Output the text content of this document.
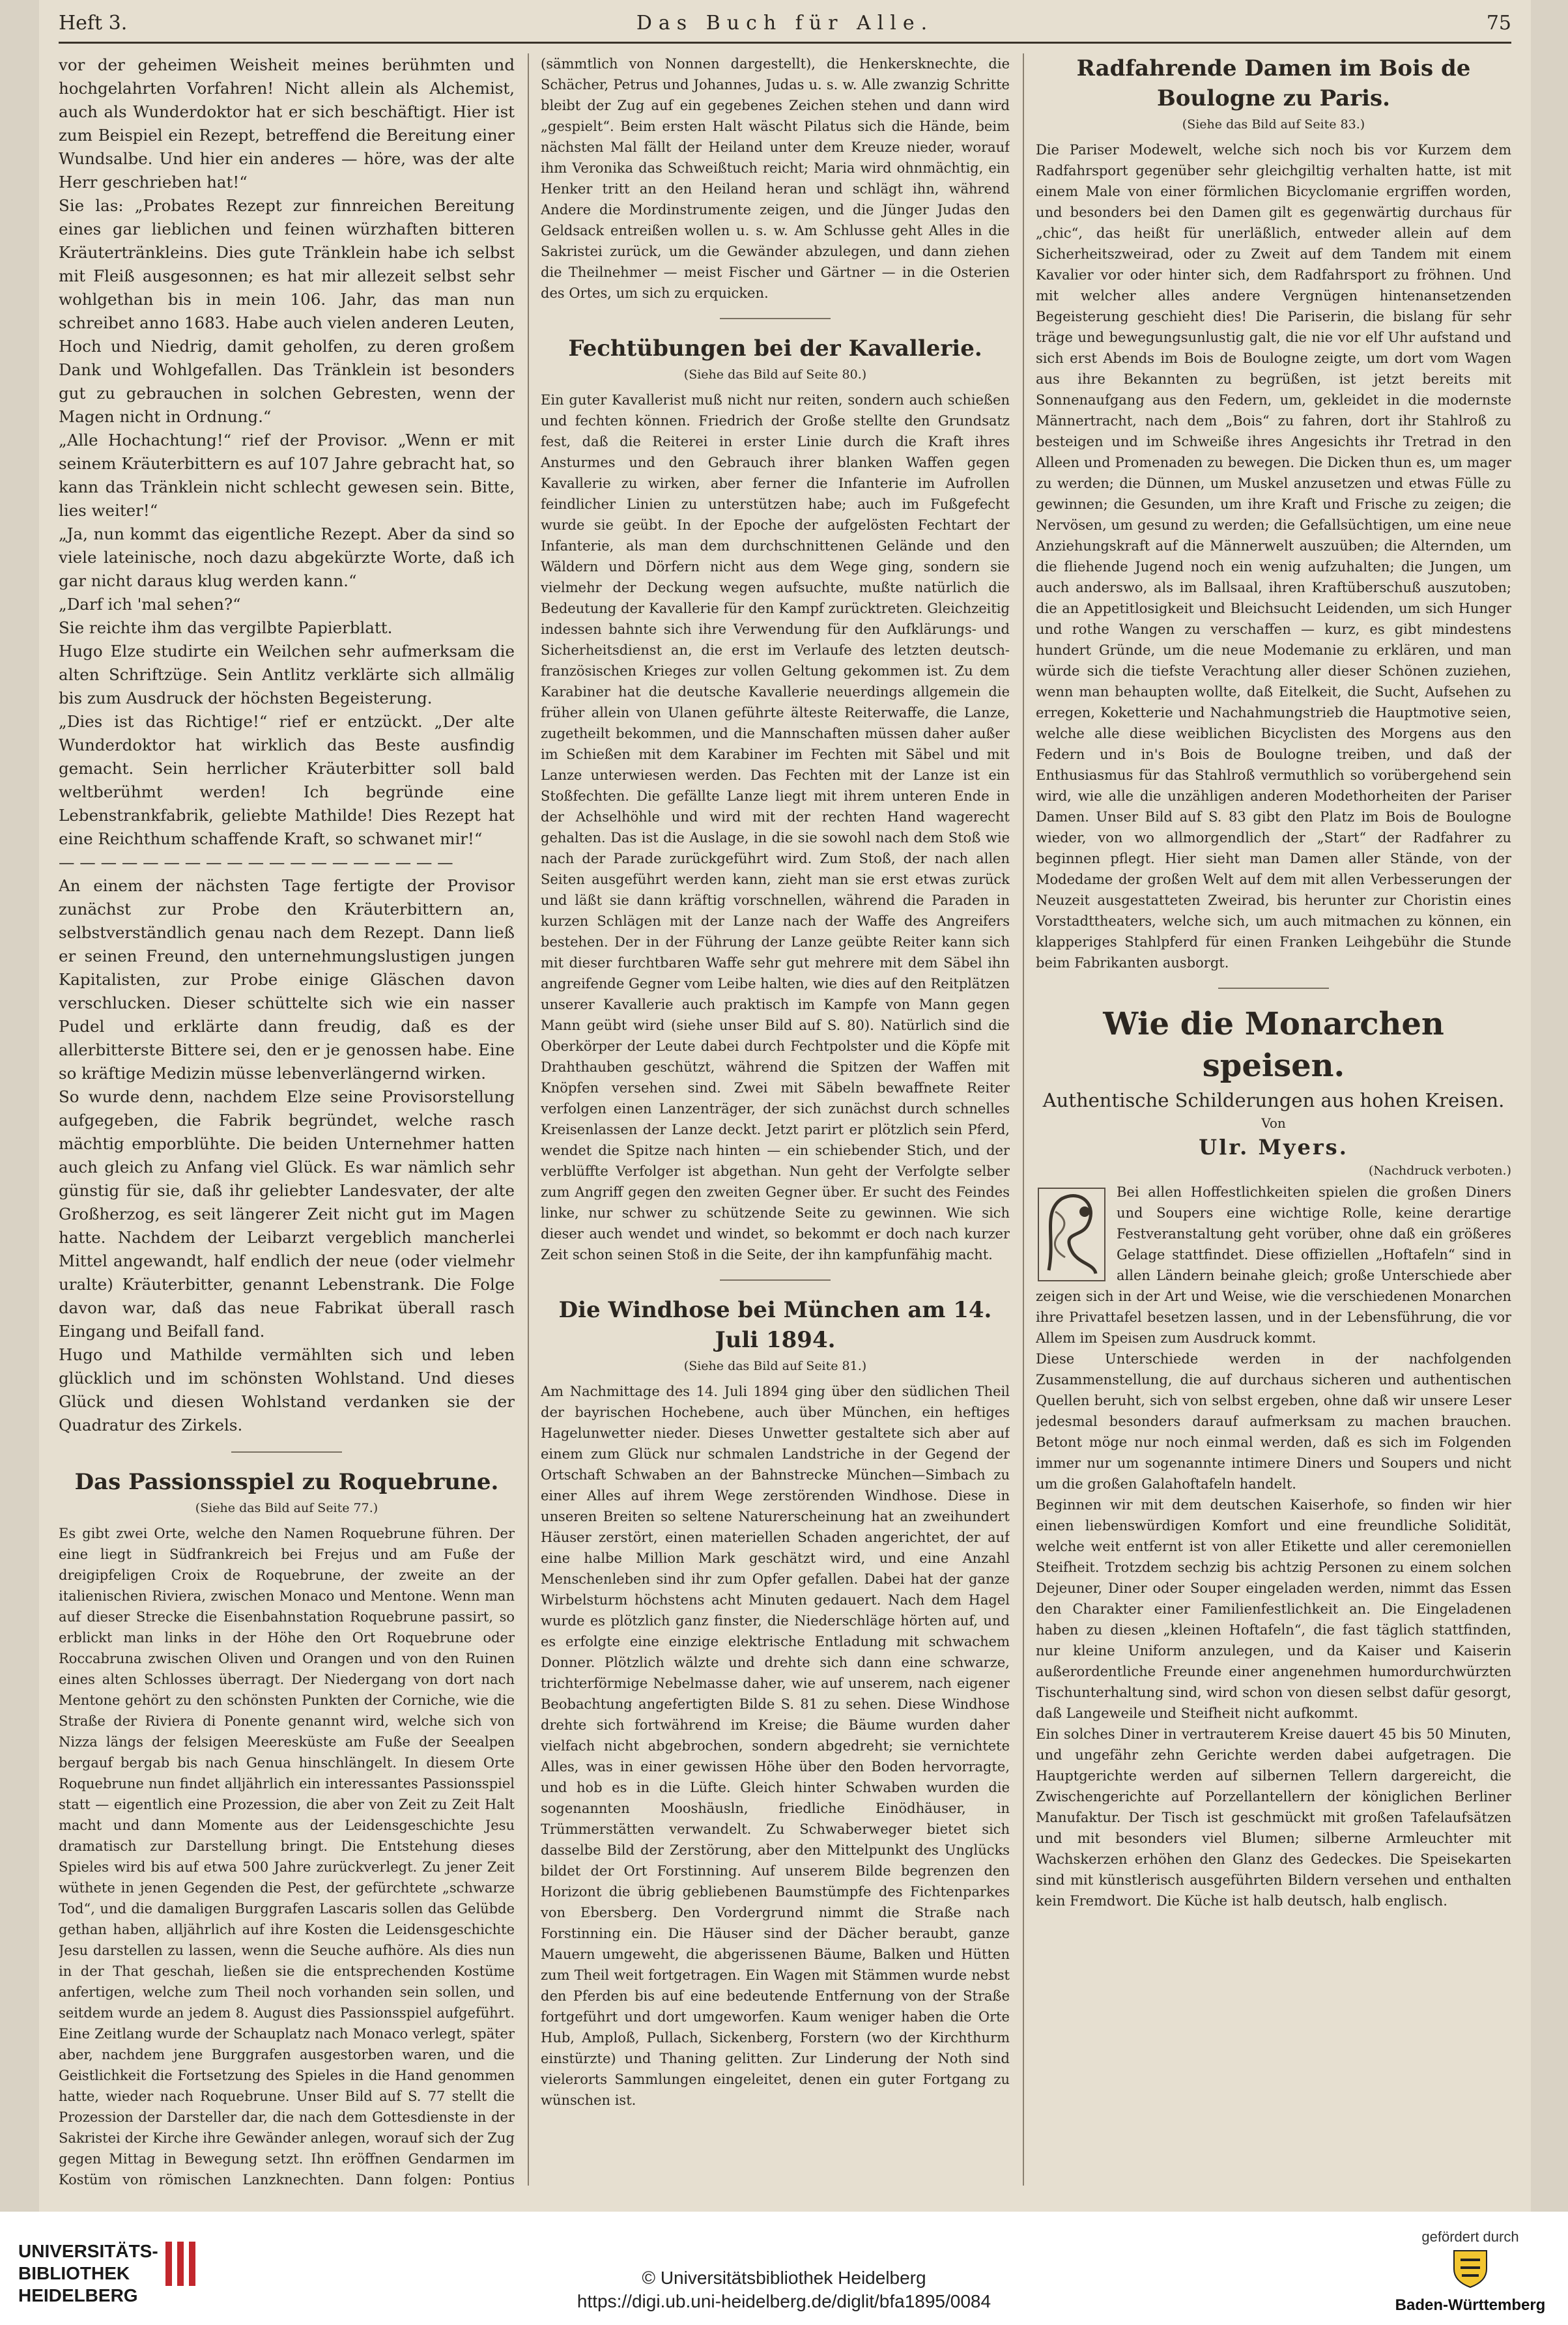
Heft 3.	Das Buch für Alle.	75

vor der geheimen Weisheit meines berühmten und hochgelahrten Vorfahren! Nicht allein als Alchemist, auch als Wunderdoktor hat er sich beschäftigt. Hier ist zum Beispiel ein Rezept, betreffend die Bereitung einer Wundsalbe. Und hier ein anderes — höre, was der alte Herr geschrieben hat!“
Sie las: „Probates Rezept zur finnreichen Bereitung eines gar lieblichen und feinen würzhaften bitteren Kräutertränkleins. Dies gute Tränklein habe ich selbst mit Fleiß ausgesonnen; es hat mir allezeit selbst sehr wohlgethan bis in mein 106. Jahr, das man nun schreibet anno 1683. Habe auch vielen anderen Leuten, Hoch und Niedrig, damit geholfen, zu deren großem Dank und Wohlgefallen. Das Tränklein ist besonders gut zu gebrauchen in solchen Gebresten, wenn der Magen nicht in Ordnung.“
„Alle Hochachtung!“ rief der Provisor. „Wenn er mit seinem Kräuterbittern es auf 107 Jahre gebracht hat, so kann das Tränklein nicht schlecht gewesen sein. Bitte, lies weiter!“
„Ja, nun kommt das eigentliche Rezept. Aber da sind so viele lateinische, noch dazu abgekürzte Worte, daß ich gar nicht daraus klug werden kann.“
„Darf ich 'mal sehen?“
Sie reichte ihm das vergilbte Papierblatt.
Hugo Elze studirte ein Weilchen sehr aufmerksam die alten Schriftzüge. Sein Antlitz verklärte sich allmälig bis zum Ausdruck der höchsten Begeisterung.
„Dies ist das Richtige!“ rief er entzückt. „Der alte Wunderdoktor hat wirklich das Beste ausfindig gemacht. Sein herrlicher Kräuterbitter soll bald weltberühmt werden! Ich begründe eine Lebenstrankfabrik, geliebte Mathilde! Dies Rezept hat eine Reichthum schaffende Kraft, so schwanet mir!“
— — — — — — — — — — — — — — — — — — —
An einem der nächsten Tage fertigte der Provisor zunächst zur Probe den Kräuterbittern an, selbstverständlich genau nach dem Rezept. Dann ließ er seinen Freund, den unternehmungslustigen jungen Kapitalisten, zur Probe einige Gläschen davon verschlucken. Dieser schüttelte sich wie ein nasser Pudel und erklärte dann freudig, daß es der allerbitterste Bittere sei, den er je genossen habe. Eine so kräftige Medizin müsse lebenverlängernd wirken.
So wurde denn, nachdem Elze seine Provisorstellung aufgegeben, die Fabrik begründet, welche rasch mächtig emporblühte. Die beiden Unternehmer hatten auch gleich zu Anfang viel Glück. Es war nämlich sehr günstig für sie, daß ihr geliebter Landesvater, der alte Großherzog, es seit längerer Zeit nicht gut im Magen hatte. Nachdem der Leibarzt vergeblich mancherlei Mittel angewandt, half endlich der neue (oder vielmehr uralte) Kräuterbitter, genannt Lebenstrank. Die Folge davon war, daß das neue Fabrikat überall rasch Eingang und Beifall fand.
Hugo und Mathilde vermählten sich und leben glücklich und im schönsten Wohlstand. Und dieses Glück und diesen Wohlstand verdanken sie der Quadratur des Zirkels.

Das Passionsspiel zu Roquebrune.

(Siehe das Bild auf Seite 77.)

Es gibt zwei Orte, welche den Namen Roquebrune führen. Der eine liegt in Südfrankreich bei Frejus und am Fuße der dreigipfeligen Croix de Roquebrune, der zweite an der italienischen Riviera, zwischen Monaco und Mentone. Wenn man auf dieser Strecke die Eisenbahnstation Roquebrune passirt, so erblickt man links in der Höhe den Ort Roquebrune oder Roccabruna zwischen Oliven und Orangen und von den Ruinen eines alten Schlosses überragt. Der Niedergang von dort nach Mentone gehört zu den schönsten Punkten der Corniche, wie die Straße der Riviera di Ponente genannt wird, welche sich von Nizza längs der felsigen Meeresküste am Fuße der Seealpen bergauf bergab bis nach Genua hinschlängelt. In diesem Orte Roquebrune nun findet alljährlich ein interessantes Passionsspiel statt — eigentlich eine Prozession, die aber von Zeit zu Zeit Halt macht und dann Momente aus der Leidensgeschichte Jesu dramatisch zur Darstellung bringt. Die Entstehung dieses Spieles wird bis auf etwa 500 Jahre zurückverlegt. Zu jener Zeit wüthete in jenen Gegenden die Pest, der gefürchtete „schwarze Tod“, und die damaligen Burggrafen Lascaris sollen das Gelübde gethan haben, alljährlich auf ihre Kosten die Leidensgeschichte Jesu darstellen zu lassen, wenn die Seuche aufhöre. Als dies nun in der That geschah, ließen sie die entsprechenden Kostüme anfertigen, welche zum Theil noch vorhanden sein sollen, und seitdem wurde an jedem 8. August dies Passionsspiel aufgeführt. Eine Zeitlang wurde der Schauplatz nach Monaco verlegt, später aber, nachdem jene Burggrafen ausgestorben waren, und die Geistlichkeit die Fortsetzung des Spieles in die Hand genommen hatte, wieder nach Roquebrune. Unser Bild auf S. 77 stellt die Prozession der Darsteller dar, die nach dem Gottesdienste in der Sakristei der Kirche ihre Gewänder anlegen, worauf sich der Zug gegen Mittag in Bewegung setzt. Ihn eröffnen Gendarmen im Kostüm von römischen Lanzknechten. Dann folgen: Pontius

(sämmtlich von Nonnen dargestellt), die Henkersknechte, die Schächer, Petrus und Johannes, Judas u. s. w. Alle zwanzig Schritte bleibt der Zug auf ein gegebenes Zeichen stehen und dann wird „gespielt“. Beim ersten Halt wäscht Pilatus sich die Hände, beim nächsten Mal fällt der Heiland unter dem Kreuze nieder, worauf ihm Veronika das Schweißtuch reicht; Maria wird ohnmächtig, ein Henker tritt an den Heiland heran und schlägt ihn, während Andere die Mordinstrumente zeigen, und die Jünger Judas den Geldsack entreißen wollen u. s. w. Am Schlusse geht Alles in die Sakristei zurück, um die Gewänder abzulegen, und dann ziehen die Theilnehmer — meist Fischer und Gärtner — in die Osterien des Ortes, um sich zu erquicken.

Fechtübungen bei der Kavallerie.

(Siehe das Bild auf Seite 80.)

Ein guter Kavallerist muß nicht nur reiten, sondern auch schießen und fechten können. Friedrich der Große stellte den Grundsatz fest, daß die Reiterei in erster Linie durch die Kraft ihres Ansturmes und den Gebrauch ihrer blanken Waffen gegen Kavallerie zu wirken, aber ferner die Infanterie im Aufrollen feindlicher Linien zu unterstützen habe; auch im Fußgefecht wurde sie geübt. In der Epoche der aufgelösten Fechtart der Infanterie, als man dem durchschnittenen Gelände und den Wäldern und Dörfern nicht aus dem Wege ging, sondern sie vielmehr der Deckung wegen aufsuchte, mußte natürlich die Bedeutung der Kavallerie für den Kampf zurücktreten. Gleichzeitig indessen bahnte sich ihre Verwendung für den Aufklärungs- und Sicherheitsdienst an, die erst im Verlaufe des letzten deutsch-französischen Krieges zur vollen Geltung gekommen ist. Zu dem Karabiner hat die deutsche Kavallerie neuerdings allgemein die früher allein von Ulanen geführte älteste Reiterwaffe, die Lanze, zugetheilt bekommen, und die Mannschaften müssen daher außer im Schießen mit dem Karabiner im Fechten mit Säbel und mit Lanze unterwiesen werden. Das Fechten mit der Lanze ist ein Stoßfechten. Die gefällte Lanze liegt mit ihrem unteren Ende in der Achselhöhle und wird mit der rechten Hand wagerecht gehalten. Das ist die Auslage, in die sie sowohl nach dem Stoß wie nach der Parade zurückgeführt wird. Zum Stoß, der nach allen Seiten ausgeführt werden kann, zieht man sie erst etwas zurück und läßt sie dann kräftig vorschnellen, während die Paraden in kurzen Schlägen mit der Lanze nach der Waffe des Angreifers bestehen. Der in der Führung der Lanze geübte Reiter kann sich mit dieser furchtbaren Waffe sehr gut mehrere mit dem Säbel ihn angreifende Gegner vom Leibe halten, wie dies auf den Reitplätzen unserer Kavallerie auch praktisch im Kampfe von Mann gegen Mann geübt wird (siehe unser Bild auf S. 80). Natürlich sind die Oberkörper der Leute dabei durch Fechtpolster und die Köpfe mit Drahthauben geschützt, während die Spitzen der Waffen mit Knöpfen versehen sind. Zwei mit Säbeln bewaffnete Reiter verfolgen einen Lanzenträger, der sich zunächst durch schnelles Kreisenlassen der Lanze deckt. Jetzt parirt er plötzlich sein Pferd, wendet die Spitze nach hinten — ein schiebender Stich, und der verblüffte Verfolger ist abgethan. Nun geht der Verfolgte selber zum Angriff gegen den zweiten Gegner über. Er sucht des Feindes linke, nur schwer zu schützende Seite zu gewinnen. Wie sich dieser auch wendet und windet, so bekommt er doch nach kurzer Zeit schon seinen Stoß in die Seite, der ihn kampfunfähig macht.

Die Windhose bei München am 14. Juli 1894.

(Siehe das Bild auf Seite 81.)

Am Nachmittage des 14. Juli 1894 ging über den südlichen Theil der bayrischen Hochebene, auch über München, ein heftiges Hagelunwetter nieder. Dieses Unwetter gestaltete sich aber auf einem zum Glück nur schmalen Landstriche in der Gegend der Ortschaft Schwaben an der Bahnstrecke München—Simbach zu einer Alles auf ihrem Wege zerstörenden Windhose. Diese in unseren Breiten so seltene Naturerscheinung hat an zweihundert Häuser zerstört, einen materiellen Schaden angerichtet, der auf eine halbe Million Mark geschätzt wird, und eine Anzahl Menschenleben sind ihr zum Opfer gefallen. Dabei hat der ganze Wirbelsturm höchstens acht Minuten gedauert. Nach dem Hagel wurde es plötzlich ganz finster, die Niederschläge hörten auf, und es erfolgte eine einzige elektrische Entladung mit schwachem Donner. Plötzlich wälzte und drehte sich dann eine schwarze, trichterförmige Nebelmasse daher, wie auf unserem, nach eigener Beobachtung angefertigten Bilde S. 81 zu sehen. Diese Windhose drehte sich fortwährend im Kreise; die Bäume wurden daher vielfach nicht abgebrochen, sondern abgedreht; sie vernichtete Alles, was in einer gewissen Höhe über den Boden hervorragte, und hob es in die Lüfte. Gleich hinter Schwaben wurden die sogenannten Mooshäusln, friedliche Einödhäuser, in Trümmerstätten verwandelt. Zu Schwaberweger bietet sich dasselbe Bild der Zerstörung, aber den Mittelpunkt des Unglücks bildet der Ort Forstinning. Auf unserem Bilde begrenzen den Horizont die übrig gebliebenen Baumstümpfe des Fichtenparkes von Ebersberg. Den Vordergrund nimmt die Straße nach Forstinning ein. Die Häuser sind der Dächer beraubt, ganze Mauern umgeweht, die abgerissenen Bäume, Balken und Hütten zum Theil weit fortgetragen. Ein Wagen mit Stämmen wurde nebst den Pferden bis auf eine bedeutende Entfernung von der Straße fortgeführt und dort umgeworfen. Kaum weniger haben die Orte Hub, Amploß, Pullach, Sickenberg, Forstern (wo der Kirchthurm einstürzte) und Thaning gelitten. Zur Linderung der Noth sind vielerorts Sammlungen eingeleitet, denen ein guter Fortgang zu wünschen ist.

Radfahrende Damen im Bois de Boulogne zu Paris.

(Siehe das Bild auf Seite 83.)

Die Pariser Modewelt, welche sich noch bis vor Kurzem dem Radfahrsport gegenüber sehr gleichgiltig verhalten hatte, ist mit einem Male von einer förmlichen Bicyclomanie ergriffen worden, und besonders bei den Damen gilt es gegenwärtig durchaus für „chic“, das heißt für unerläßlich, entweder allein auf dem Sicherheitszweirad, oder zu Zweit auf dem Tandem mit einem Kavalier vor oder hinter sich, dem Radfahrsport zu fröhnen. Und mit welcher alles andere Vergnügen hintenansetzenden Begeisterung geschieht dies! Die Pariserin, die bislang für sehr träge und bewegungsunlustig galt, die nie vor elf Uhr aufstand und sich erst Abends im Bois de Boulogne zeigte, um dort vom Wagen aus ihre Bekannten zu begrüßen, ist jetzt bereits mit Sonnenaufgang aus den Federn, um, gekleidet in die modernste Männertracht, nach dem „Bois“ zu fahren, dort ihr Stahlroß zu besteigen und im Schweiße ihres Angesichts ihr Tretrad in den Alleen und Promenaden zu bewegen. Die Dicken thun es, um mager zu werden; die Dünnen, um Muskel anzusetzen und etwas Fülle zu gewinnen; die Gesunden, um ihre Kraft und Frische zu zeigen; die Nervösen, um gesund zu werden; die Gefallsüchtigen, um eine neue Anziehungskraft auf die Männerwelt auszuüben; die Alternden, um die fliehende Jugend noch ein wenig aufzuhalten; die Jungen, um auch anderswo, als im Ballsaal, ihren Kraftüberschuß auszutoben; die an Appetitlosigkeit und Bleichsucht Leidenden, um sich Hunger und rothe Wangen zu verschaffen — kurz, es gibt mindestens hundert Gründe, um die neue Modemanie zu erklären, und man würde sich die tiefste Verachtung aller dieser Schönen zuziehen, wenn man behaupten wollte, daß Eitelkeit, die Sucht, Aufsehen zu erregen, Koketterie und Nachahmungstrieb die Hauptmotive seien, welche alle diese weiblichen Bicyclisten des Morgens aus den Federn und in's Bois de Boulogne treiben, und daß der Enthusiasmus für das Stahlroß vermuthlich so vorübergehend sein wird, wie alle die unzähligen anderen Modethorheiten der Pariser Damen. Unser Bild auf S. 83 gibt den Platz im Bois de Boulogne wieder, von wo allmorgendlich der „Start“ der Radfahrer zu beginnen pflegt. Hier sieht man Damen aller Stände, von der Modedame der großen Welt auf dem mit allen Verbesserungen der Neuzeit ausgestatteten Zweirad, bis herunter zur Choristin eines Vorstadttheaters, welche sich, um auch mitmachen zu können, ein klapperiges Stahlpferd für einen Franken Leihgebühr die Stunde beim Fabrikanten ausborgt.

Wie die Monarchen speisen.

Authentische Schilderungen aus hohen Kreisen.

Von

Ulr. Myers.

(Nachdruck verboten.)

Bei allen Hoffestlichkeiten spielen die großen Diners und Soupers eine wichtige Rolle, keine derartige Festveranstaltung geht vorüber, ohne daß ein größeres Gelage stattfindet. Diese offiziellen „Hoftafeln“ sind in allen Ländern beinahe gleich; große Unterschiede aber zeigen sich in der Art und Weise, wie die verschiedenen Monarchen ihre Privattafel besetzen lassen, und in der Lebensführung, die vor Allem im Speisen zum Ausdruck kommt.
Diese Unterschiede werden in der nachfolgenden Zusammenstellung, die auf durchaus sicheren und authentischen Quellen beruht, sich von selbst ergeben, ohne daß wir unsere Leser jedesmal besonders darauf aufmerksam zu machen brauchen. Betont möge nur noch einmal werden, daß es sich im Folgenden immer nur um sogenannte intimere Diners und Soupers und nicht um die großen Galahoftafeln handelt.
Beginnen wir mit dem deutschen Kaiserhofe, so finden wir hier einen liebenswürdigen Komfort und eine freundliche Solidität, welche weit entfernt ist von aller Etikette und aller ceremoniellen Steifheit. Trotzdem sechzig bis achtzig Personen zu einem solchen Dejeuner, Diner oder Souper eingeladen werden, nimmt das Essen den Charakter einer Familienfestlichkeit an. Die Eingeladenen haben zu diesen „kleinen Hoftafeln“, die fast täglich stattfinden, nur kleine Uniform anzulegen, und da Kaiser und Kaiserin außerordentliche Freunde einer angenehmen humordurchwürzten Tischunterhaltung sind, wird schon von diesen selbst dafür gesorgt, daß Langeweile und Steifheit nicht aufkommt.
Ein solches Diner in vertrauterem Kreise dauert 45 bis 50 Minuten, und ungefähr zehn Gerichte werden dabei aufgetragen. Die Hauptgerichte werden auf silbernen Tellern dargereicht, die Zwischengerichte auf Porzellantellern der königlichen Berliner Manufaktur. Der Tisch ist geschmückt mit großen Tafelaufsätzen und mit besonders viel Blumen; silberne Armleuchter mit Wachskerzen erhöhen den Glanz des Gedeckes. Die Speisekarten sind mit künstlerisch ausgeführten Bildern versehen und enthalten kein Fremdwort. Die Küche ist halb deutsch, halb englisch.

UNIVERSITÄTS-
BIBLIOTHEK
HEIDELBERG
© Universitätsbibliothek Heidelberg
https://digi.ub.uni-heidelberg.de/diglit/bfa1895/0084
gefördert durch
Baden-Württemberg
